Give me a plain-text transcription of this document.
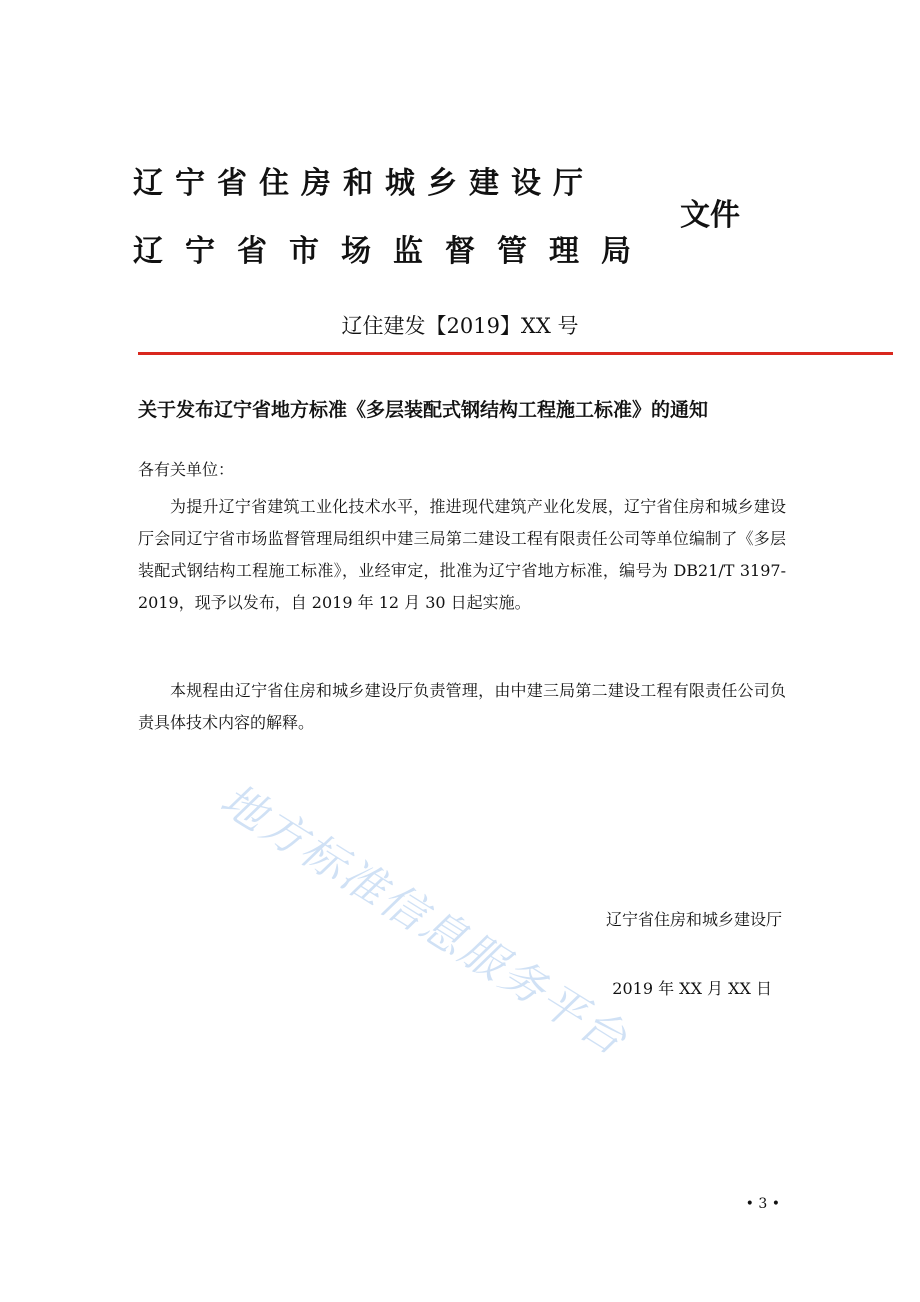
辽宁省住房和城乡建设厅
辽宁省市场监督管理局
文件
辽住建发【2019】XX 号
关于发布辽宁省地方标准《多层装配式钢结构工程施工标准》的通知
各有关单位：

为提升辽宁省建筑工业化技术水平，推进现代建筑产业化发展，辽宁省住房和城乡建设厅会同辽宁省市场监督管理局组织中建三局第二建设工程有限责任公司等单位编制了《多层装配式钢结构工程施工标准》，业经审定，批准为辽宁省地方标准，编号为 DB21/T 3197-2019，现予以发布，自 2019 年 12 月 30 日起实施。

本规程由辽宁省住房和城乡建设厅负责管理，由中建三局第二建设工程有限责任公司负责具体技术内容的解释。

地方标准信息服务平台
辽宁省住房和城乡建设厅
2019 年 XX 月 XX 日
• 3 •
